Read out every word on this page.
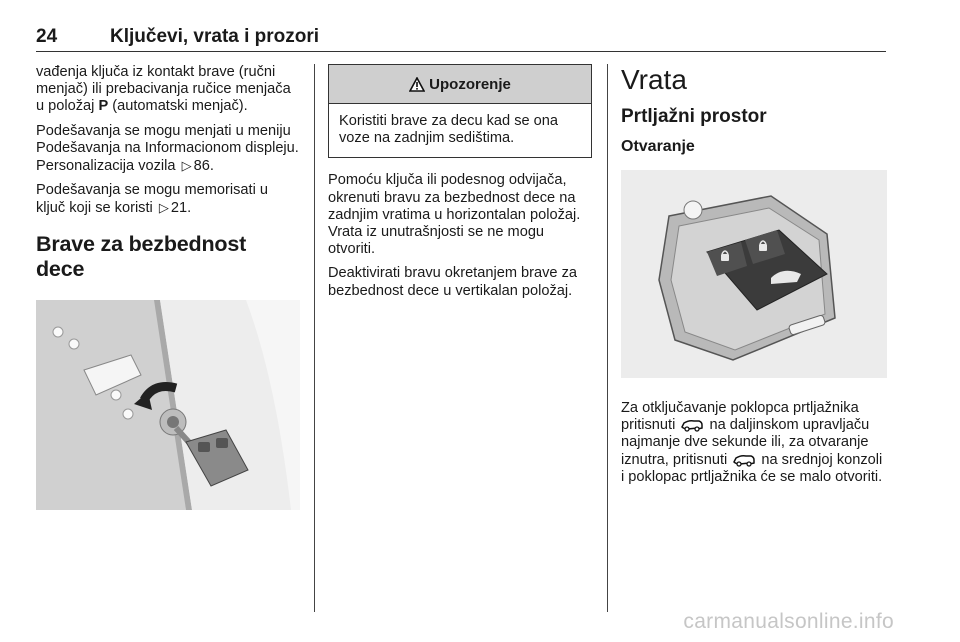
24	Ključevi, vrata i prozori

vađenja ključa iz kontakt brave (ručni menjač) ili prebacivanja ručice menjača u položaj P (automatski menjač).

Podešavanja se mogu menjati u meniju Podešavanja na Informacionom displeju. Personalizacija vozila ▷ 86.

Podešavanja se mogu memorisati u ključ koji se koristi ▷ 21.

Brave za bezbednost dece
Upozorenje
Koristiti brave za decu kad se ona voze na zadnjim sedištima.

Pomoću ključa ili podesnog odvijača, okrenuti bravu za bezbednost dece na zadnjim vratima u horizontalan položaj. Vrata iz unutrašnjosti se ne mogu otvoriti.

Deaktivirati bravu okretanjem brave za bezbednost dece u vertikalan položaj.

Vrata
Prtljažni prostor
Otvaranje

Za otključavanje poklopca prtljažnika pritisnuti  na daljinskom upravljaču najmanje dve sekunde ili, za otvaranje iznutra, pritisnuti  na srednjoj konzoli i poklopac prtljažnika će se malo otvoriti.

carmanualsonline.info
